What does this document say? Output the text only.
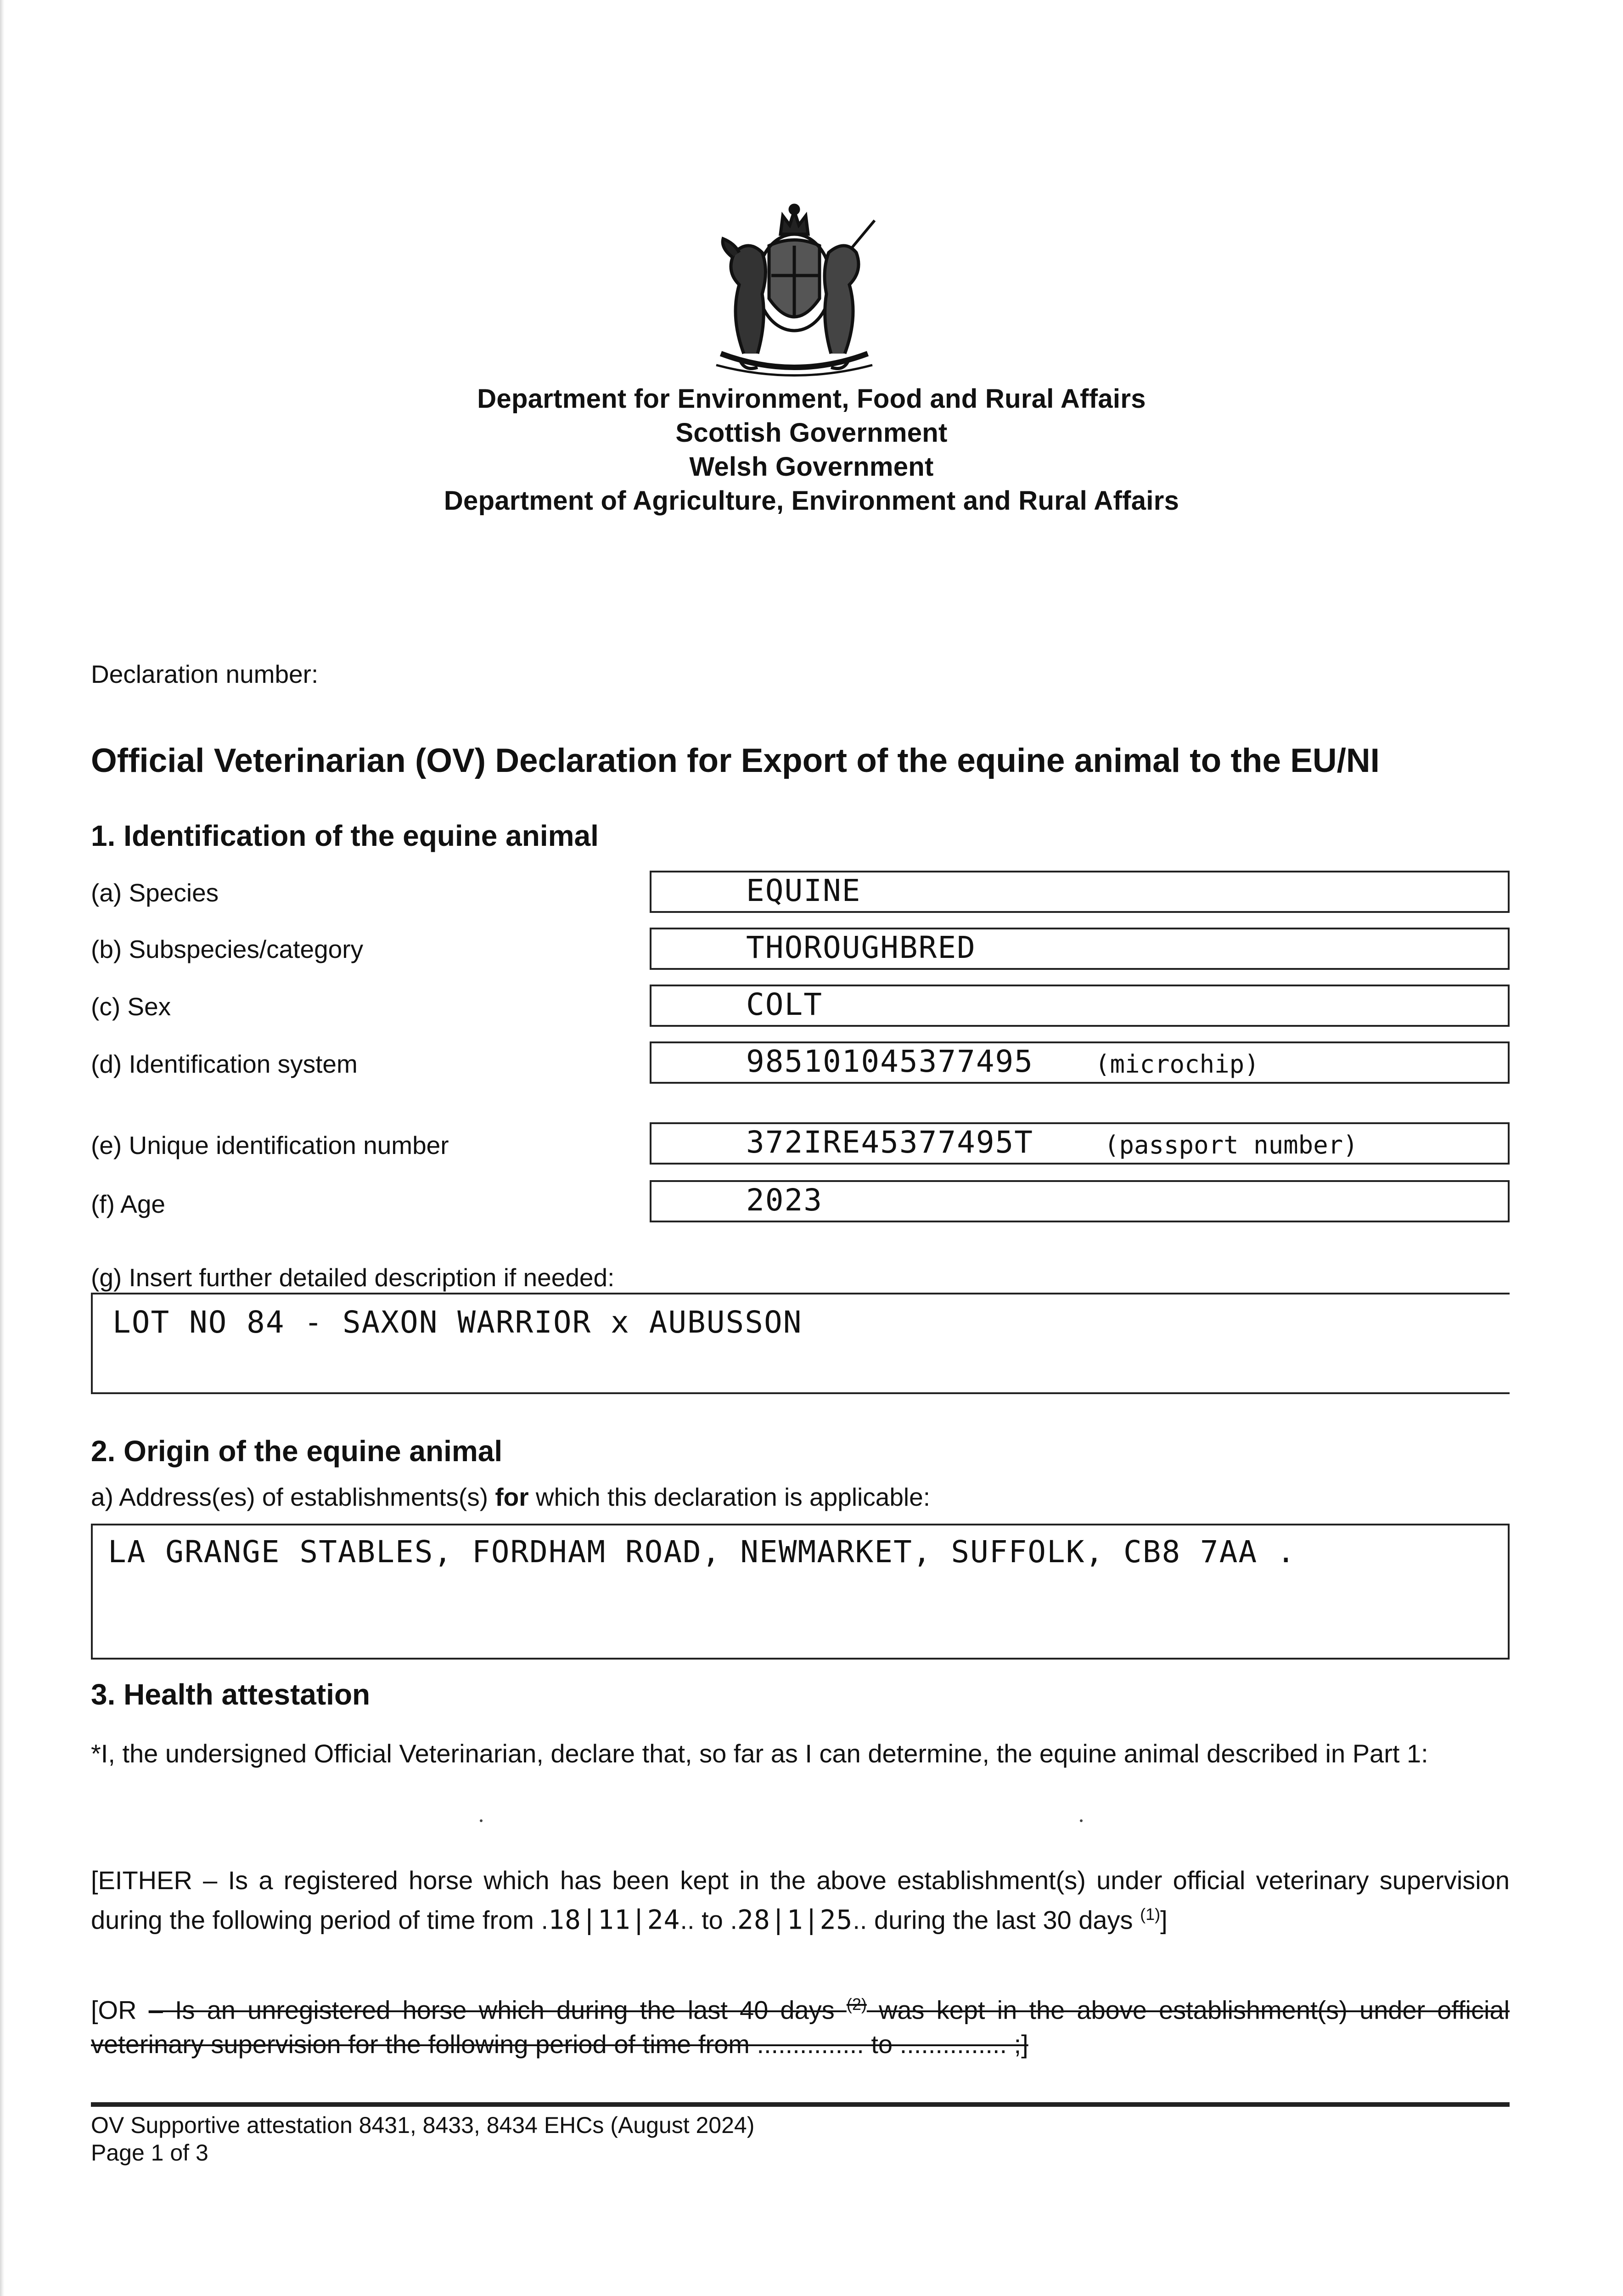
Department for Environment, Food and Rural Affairs
Scottish Government
Welsh Government
Department of Agriculture, Environment and Rural Affairs
Declaration number:
Official Veterinarian (OV) Declaration for Export of the equine animal to the EU/NI
1. Identification of the equine animal
(a) Species
(b) Subspecies/category
(c) Sex
(d) Identification system
(e) Unique identification number
(f) Age
EQUINE
THOROUGHBRED
COLT
985101045377495 (microchip)
372IRE45377495T	(passport number)
2023
(g) Insert further detailed description if needed:
LOT NO 84 - SAXON WARRIOR x AUBUSSON
2. Origin of the equine animal
a) Address(es) of establishments(s) for which this declaration is applicable:
LA GRANGE STABLES, FORDHAM ROAD, NEWMARKET, SUFFOLK, CB8 7AA .
3. Health attestation
*I, the undersigned Official Veterinarian, declare that, so far as I can determine, the equine animal described in Part 1:
[EITHER – Is a registered horse which has been kept in the above establishment(s) under official veterinary supervision during the following period of time from .18|11|24.. to .28|1|25.. during the last 30 days $^{(1)}$]
[OR – Is an unregistered horse which during the last 40 days $^{(2)}$ was kept in the above establishment(s) under official veterinary supervision for the following period of time from ............... to ............... ;]
OV Supportive attestation 8431, 8433, 8434 EHCs (August 2024)
Page 1 of 3
